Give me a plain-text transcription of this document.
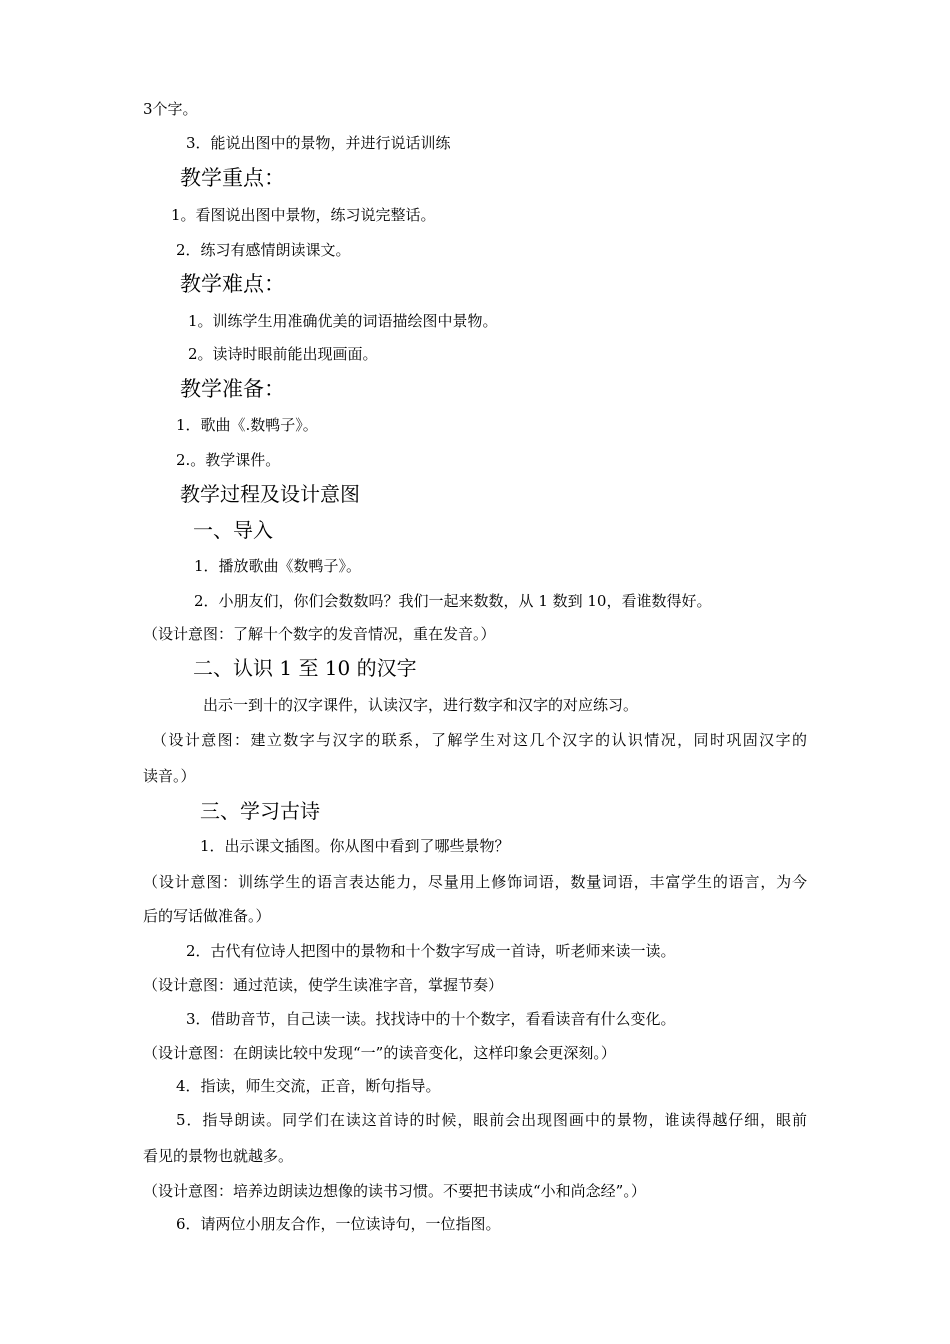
3个字。
3．能说出图中的景物，并进行说话训练
教学重点：
1。看图说出图中景物，练习说完整话。
2．练习有感情朗读课文。
教学难点：
1。训练学生用准确优美的词语描绘图中景物。
2。读诗时眼前能出现画面。
教学准备：
1．歌曲《.数鸭子》。
2.。教学课件。
教学过程及设计意图
一、导入
1．播放歌曲《数鸭子》。
2．小朋友们，你们会数数吗？我们一起来数数，从 1 数到 10，看谁数得好。
（设计意图：了解十个数字的发音情况，重在发音。）
二、认识 1 至 10 的汉字
出示一到十的汉字课件，认读汉字，进行数字和汉字的对应练习。
（设计意图：建立数字与汉字的联系，了解学生对这几个汉字的认识情况，同时巩固汉字的
读音。）
三、学习古诗
1．出示课文插图。你从图中看到了哪些景物？
（设计意图：训练学生的语言表达能力，尽量用上修饰词语，数量词语，丰富学生的语言，为今
后的写话做准备。）
2．古代有位诗人把图中的景物和十个数字写成一首诗，听老师来读一读。
（设计意图：通过范读，使学生读准字音，掌握节奏）
3．借助音节，自己读一读。找找诗中的十个数字，看看读音有什么变化。
（设计意图：在朗读比较中发现“一”的读音变化，这样印象会更深刻。）
4．指读，师生交流，正音，断句指导。
5．指导朗读。同学们在读这首诗的时候，眼前会出现图画中的景物，谁读得越仔细，眼前
看见的景物也就越多。
（设计意图：培养边朗读边想像的读书习惯。不要把书读成“小和尚念经”。）
6．请两位小朋友合作，一位读诗句，一位指图。
